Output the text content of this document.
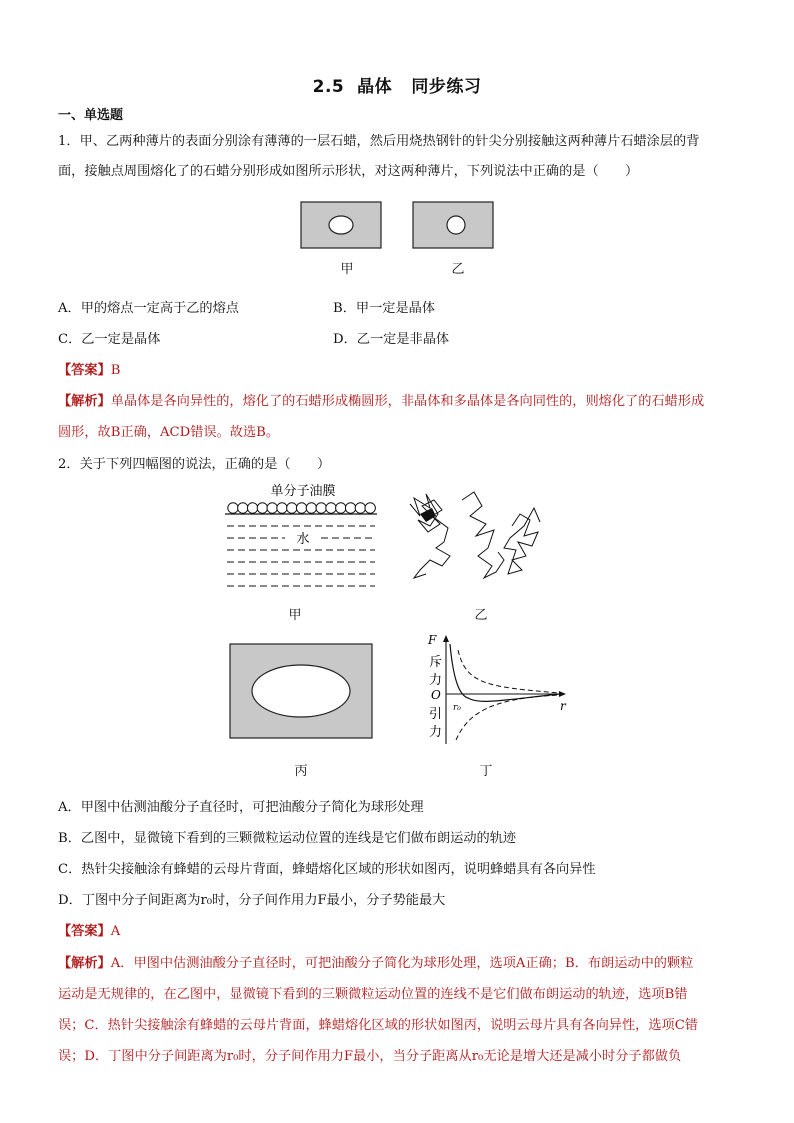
2.5  晶体   同步练习
一、单选题
1．甲、乙两种薄片的表面分别涂有薄薄的一层石蜡，然后用烧热钢针的针尖分别接触这两种薄片石蜡涂层的背
面，接触点周围熔化了的石蜡分别形成如图所示形状，对这两种薄片，下列说法中正确的是（　　）
甲	乙
A．甲的熔点一定高于乙的熔点	B．甲一定是晶体
C．乙一定是晶体	D．乙一定是非晶体
【答案】B
【解析】单晶体是各向异性的，熔化了的石蜡形成椭圆形，非晶体和多晶体是各向同性的，则熔化了的石蜡形成
圆形，故B正确，ACD错误。故选B。
2．关于下列四幅图的说法，正确的是（　　）
单分子油膜
水
甲	乙
丙
F
斥
力
O
引
力
r₀	r
丁
A．甲图中估测油酸分子直径时，可把油酸分子简化为球形处理
B．乙图中，显微镜下看到的三颗微粒运动位置的连线是它们做布朗运动的轨迹
C．热针尖接触涂有蜂蜡的云母片背面，蜂蜡熔化区域的形状如图丙，说明蜂蜡具有各向异性
D．丁图中分子间距离为r₀时，分子间作用力F最小，分子势能最大
【答案】A
【解析】A．甲图中估测油酸分子直径时，可把油酸分子简化为球形处理，选项A正确；B．布朗运动中的颗粒
运动是无规律的，在乙图中，显微镜下看到的三颗微粒运动位置的连线不是它们做布朗运动的轨迹，选项B错
误；C．热针尖接触涂有蜂蜡的云母片背面，蜂蜡熔化区域的形状如图丙，说明云母片具有各向异性，选项C错
误；D．丁图中分子间距离为r₀时，分子间作用力F最小，当分子距离从r₀无论是增大还是减小时分子都做负
